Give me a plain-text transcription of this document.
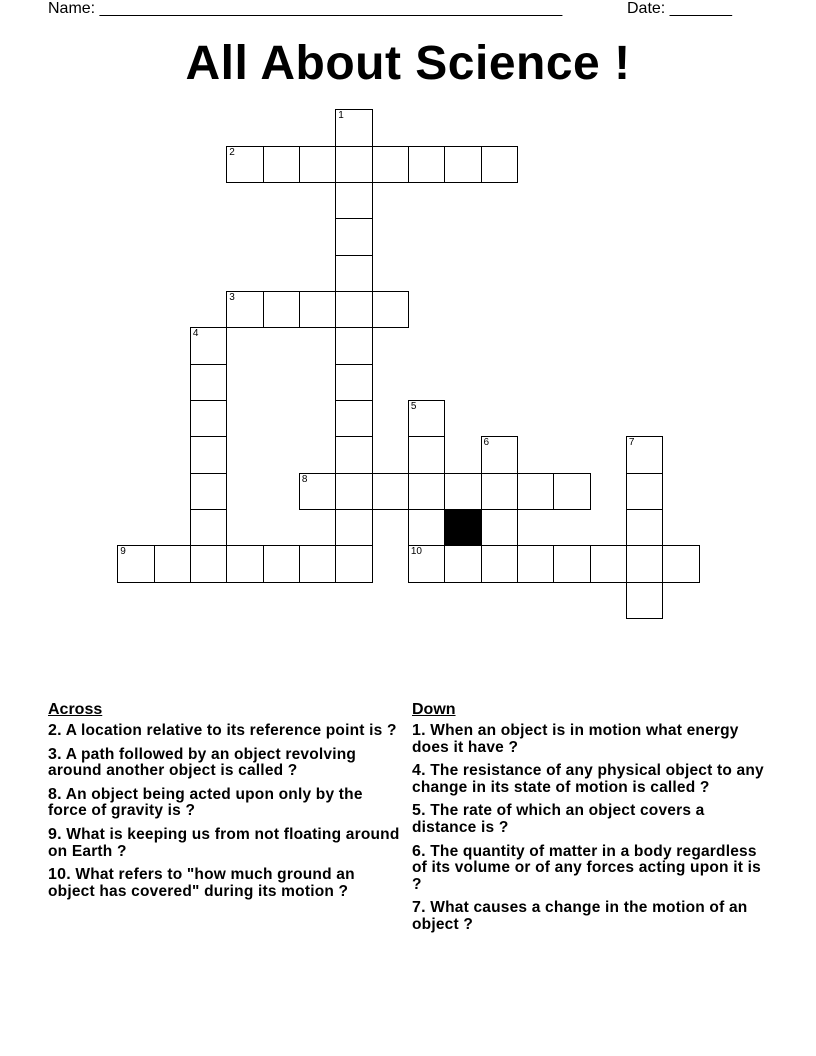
Name: ____________________________________________________	Date: _______
All About Science !
1
2
3
4
5
6	7
8
9	10
Across
2. A location relative to its reference point is ?
3. A path followed by an object revolving around another object is called ?
8. An object being acted upon only by the force of gravity is ?
9. What is keeping us from not floating around on Earth ?
10. What refers to "how much ground an object has covered" during its motion ?
Down
1. When an object is in motion what energy does it have ?
4. The resistance of any physical object to any change in its state of motion is called ?
5. The rate of which an object covers a distance is ?
6. The quantity of matter in a body regardless of its volume or of any forces acting upon it is ?
7. What causes a change in the motion of an object ?
